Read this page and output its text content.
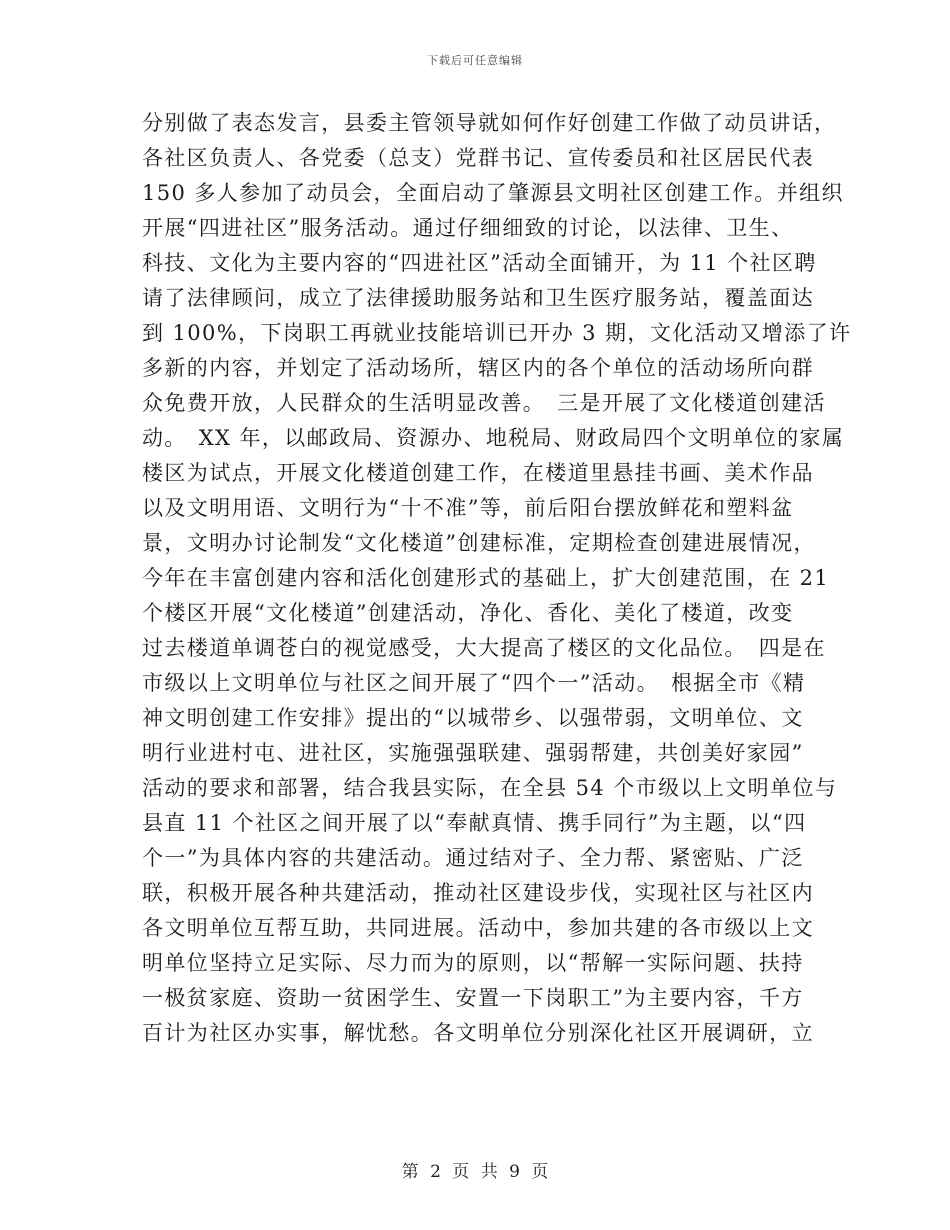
下载后可任意编辑
分别做了表态发言，县委主管领导就如何作好创建工作做了动员讲话，
各社区负责人、各党委（总支）党群书记、宣传委员和社区居民代表
150 多人参加了动员会，全面启动了肇源县文明社区创建工作。并组织
开展“四进社区”服务活动。通过仔细细致的讨论，以法律、卫生、
科技、文化为主要内容的“四进社区”活动全面铺开，为 11 个社区聘
请了法律顾问，成立了法律援助服务站和卫生医疗服务站，覆盖面达
到 100%，下岗职工再就业技能培训已开办 3 期，文化活动又增添了许
多新的内容，并划定了活动场所，辖区内的各个单位的活动场所向群
众免费开放，人民群众的生活明显改善。　三是开展了文化楼道创建活
动。　XX 年，以邮政局、资源办、地税局、财政局四个文明单位的家属
楼区为试点，开展文化楼道创建工作，在楼道里悬挂书画、美术作品
以及文明用语、文明行为“十不准”等，前后阳台摆放鲜花和塑料盆
景，文明办讨论制发“文化楼道”创建标准，定期检查创建进展情况，
今年在丰富创建内容和活化创建形式的基础上，扩大创建范围，在 21
个楼区开展“文化楼道”创建活动，净化、香化、美化了楼道，改变
过去楼道单调苍白的视觉感受，大大提高了楼区的文化品位。　四是在
市级以上文明单位与社区之间开展了“四个一”活动。　根据全市《精
神文明创建工作安排》提出的“以城带乡、以强带弱，文明单位、文
明行业进村屯、进社区，实施强强联建、强弱帮建，共创美好家园”
活动的要求和部署，结合我县实际，在全县 54 个市级以上文明单位与
县直 11 个社区之间开展了以“奉献真情、携手同行”为主题，以“四
个一”为具体内容的共建活动。通过结对子、全力帮、紧密贴、广泛
联，积极开展各种共建活动，推动社区建设步伐，实现社区与社区内
各文明单位互帮互助，共同进展。活动中，参加共建的各市级以上文
明单位坚持立足实际、尽力而为的原则，以“帮解一实际问题、扶持
一极贫家庭、资助一贫困学生、安置一下岗职工”为主要内容，千方
百计为社区办实事，解忧愁。各文明单位分别深化社区开展调研，立
第 2 页 共 9 页
